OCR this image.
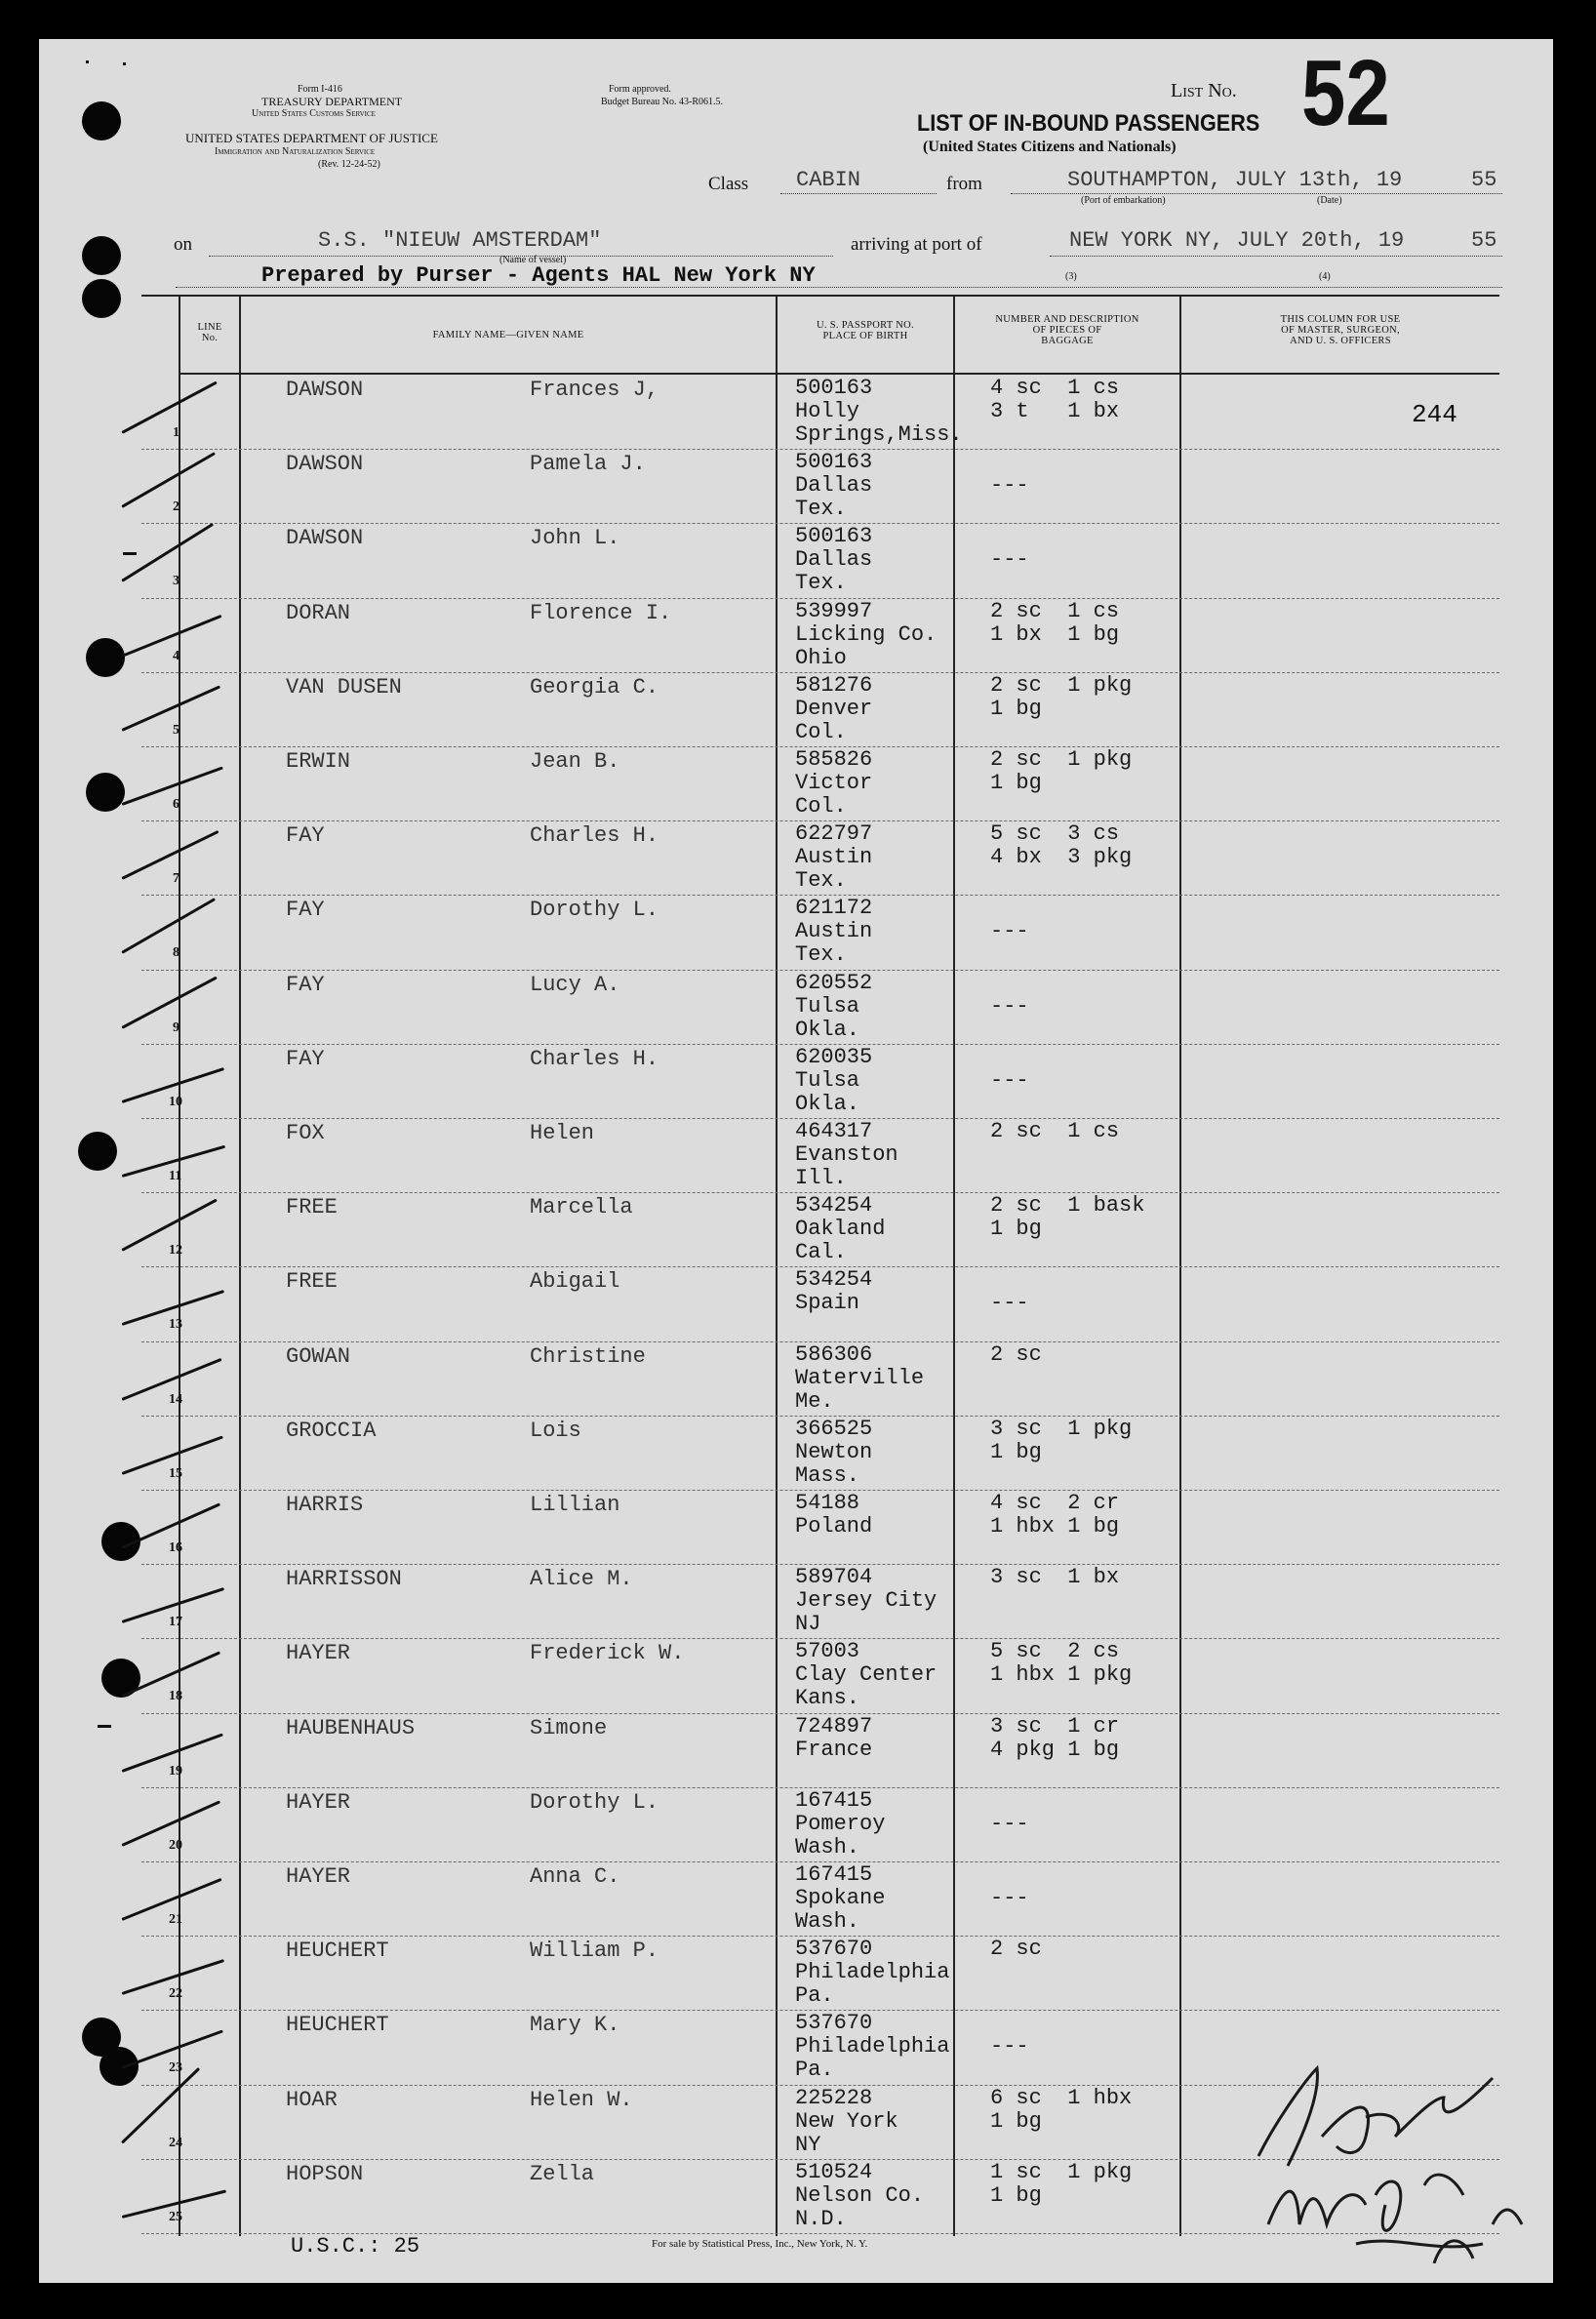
Form I-416
TREASURY DEPARTMENT
United States Customs Service
UNITED STATES DEPARTMENT OF JUSTICE
Immigration and Naturalization Service
(Rev. 12-24-52)
Form approved.
Budget Bureau No. 43-R061.5.
List No. 52
LIST OF IN-BOUND PASSENGERS
(United States Citizens and Nationals)
Class CABIN	from	SOUTHAMPTON, JULY 13th, 19	55
(Port of embarkation)	(Date)
on	S.S. "NIEUW AMSTERDAM"
(Name of vessel)
arriving at port of	NEW YORK NY, JULY 20th, 19	55
Prepared by Purser - Agents HAL New York NY	(3)	(4)
LINE
No.	FAMILY NAME—GIVEN NAME
U. S. PASSPORT NO.
PLACE OF BIRTH
NUMBER AND DESCRIPTION
OF PIECES OF
BAGGAGE
THIS COLUMN FOR USE
OF MASTER, SURGEON,
AND U. S. OFFICERS
1
DAWSON	Frances J,	500163
Holly
Springs,Miss.
4 sc  1 cs
3 t   1 bx
2
DAWSON	Pamela J.	500163
Dallas
Tex.
---
3
DAWSON	John L.	500163
Dallas
Tex.
---
4
DORAN	Florence I.	539997
Licking Co.
Ohio
2 sc  1 cs
1 bx  1 bg
5
VAN DUSEN	Georgia C.	581276
Denver
Col.
2 sc  1 pkg
1 bg
6
ERWIN	Jean B.	585826
Victor
Col.
2 sc  1 pkg
1 bg
7
FAY	Charles H.	622797
Austin
Tex.
5 sc  3 cs
4 bx  3 pkg
8
FAY	Dorothy L.	621172
Austin
Tex.
---
9
FAY	Lucy A.	620552
Tulsa
Okla.
---
10
FAY	Charles H.	620035
Tulsa
Okla.
---
11
FOX	Helen	464317
Evanston
Ill.
2 sc  1 cs
12
FREE	Marcella	534254
Oakland
Cal.
2 sc  1 bask
1 bg
13
FREE	Abigail	534254
Spain	---
14
GOWAN	Christine	586306
Waterville
Me.
2 sc
15
GROCCIA	Lois	366525
Newton
Mass.
3 sc  1 pkg
1 bg
16
HARRIS	Lillian	54188
Poland
4 sc  2 cr
1 hbx 1 bg
17
HARRISSON	Alice M.	589704
Jersey City
NJ
3 sc  1 bx
18
HAYER	Frederick W.	57003
Clay Center
Kans.
5 sc  2 cs
1 hbx 1 pkg
19
HAUBENHAUS	Simone	724897
France
3 sc  1 cr
4 pkg 1 bg
20
HAYER	Dorothy L.	167415
Pomeroy
Wash.
---
21
HAYER	Anna C.	167415
Spokane
Wash.
---
22
HEUCHERT	William P.	537670
Philadelphia
Pa.
2 sc
23
HEUCHERT	Mary K.	537670
Philadelphia
Pa.
---
24
HOAR	Helen W.	225228
New York
NY
6 sc  1 hbx
1 bg
25
HOPSON	Zella	510524
Nelson Co.
N.D.
1 sc  1 pkg
1 bg
244
U.S.C.: 25	For sale by Statistical Press, Inc., New York, N. Y.
